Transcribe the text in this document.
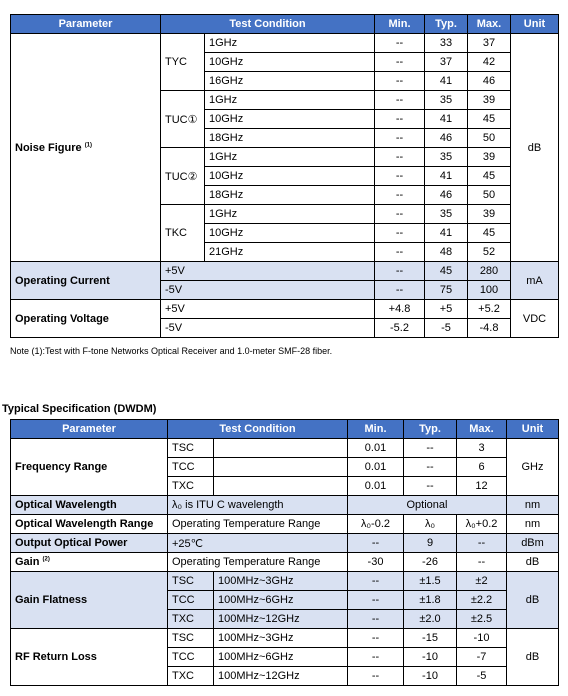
Parameter	Test Condition		Min.	Typ.	Max.	Unit
Noise Figure $^{(1)}$	TYC	1GHz	--	33	37	dB
		10GHz	--	37	42	
		16GHz	--	41	46	
	TUC①	1GHz	--	35	39	
		10GHz	--	41	45	
		18GHz	--	46	50	
	TUC②	1GHz	--	35	39	
		10GHz	--	41	45	
		18GHz	--	46	50	
	TKC	1GHz	--	35	39	
		10GHz	--	41	45	
		21GHz	--	48	52	
Operating Current	+5V		--	45	280	mA
	-5V		--	75	100	
Operating Voltage	+5V		+4.8	+5	+5.2	VDC
	-5V		-5.2	-5	-4.8	
Note (1):Test with F-tone Networks Optical Receiver and 1.0-meter SMF-28 fiber.
Typical Specification (DWDM)
Parameter	Test Condition		Min.	Typ.	Max.	Unit
Frequency Range	TSC		0.01	--	3	GHz
	TCC		0.01	--	6	
	TXC		0.01	--	12	
Optical Wavelength	λ₀ is ITU C wavelength		Optional			nm
Optical Wavelength Range	Operating Temperature Range		λ₀-0.2	λ₀	λ₀+0.2	nm
Output Optical Power	+25℃		--	9	--	dBm
Gain $^{(2)}$	Operating Temperature Range		-30	-26	--	dB
Gain Flatness	TSC	100MHz~3GHz	--	±1.5	±2	dB
	TCC	100MHz~6GHz	--	±1.8	±2.2	
	TXC	100MHz~12GHz	--	±2.0	±2.5	
RF Return Loss	TSC	100MHz~3GHz	--	-15	-10	dB
	TCC	100MHz~6GHz	--	-10	-7	
	TXC	100MHz~12GHz	--	-10	-5	
